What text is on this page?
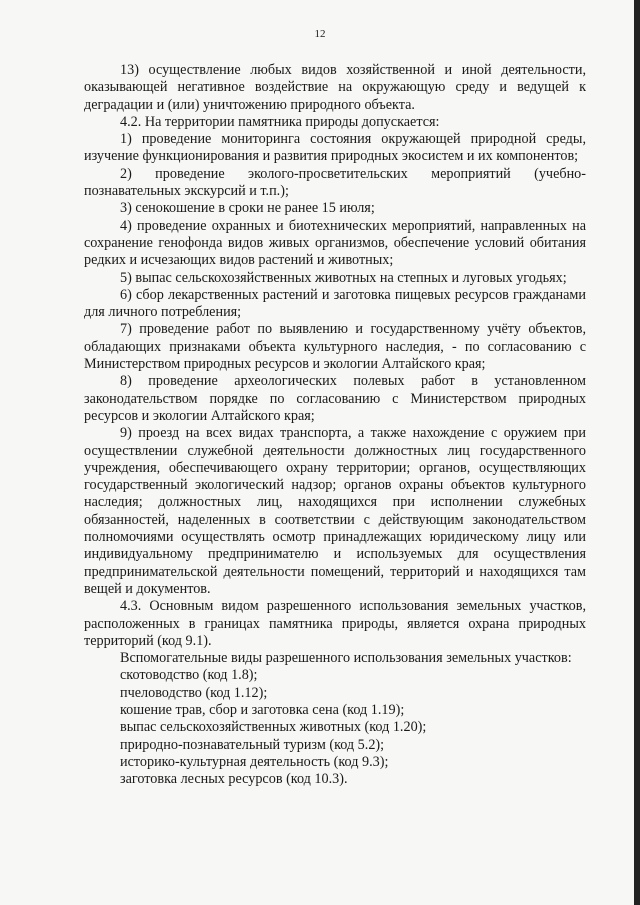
12

13) осуществление любых видов хозяйственной и иной деятельности, оказывающей негативное воздействие на окружающую среду и ведущей к деградации и (или) уничтожению природного объекта.

4.2. На территории памятника природы допускается:

1) проведение мониторинга состояния окружающей природной среды, изучение функционирования и развития природных экосистем и их компонентов;

2) проведение эколого-просветительских мероприятий (учебно-познавательных экскурсий и т.п.);

3) сенокошение в сроки не ранее 15 июля;

4) проведение охранных и биотехнических мероприятий, направленных на сохранение генофонда видов живых организмов, обеспечение условий обитания редких и исчезающих видов растений и животных;

5) выпас сельскохозяйственных животных на степных и луговых угодьях;

6) сбор лекарственных растений и заготовка пищевых ресурсов гражданами для личного потребления;

7) проведение работ по выявлению и государственному учёту объектов, обладающих признаками объекта культурного наследия, - по согласованию с Министерством природных ресурсов и экологии Алтайского края;

8) проведение археологических полевых работ в установленном законодательством порядке по согласованию с Министерством природных ресурсов и экологии Алтайского края;

9) проезд на всех видах транспорта, а также нахождение с оружием при осуществлении служебной деятельности должностных лиц государственного учреждения, обеспечивающего охрану территории; органов, осуществляющих государственный экологический надзор; органов охраны объектов культурного наследия; должностных лиц, находящихся при исполнении служебных обязанностей, наделенных в соответствии с действующим законодательством полномочиями осуществлять осмотр принадлежащих юридическому лицу или индивидуальному предпринимателю и используемых для осуществления предпринимательской деятельности помещений, территорий и находящихся там вещей и документов.

4.3. Основным видом разрешенного использования земельных участков, расположенных в границах памятника природы, является охрана природных территорий (код 9.1).

Вспомогательные виды разрешенного использования земельных участков:

скотоводство (код 1.8);

пчеловодство (код 1.12);

кошение трав, сбор и заготовка сена (код 1.19);

выпас сельскохозяйственных животных (код 1.20);

природно-познавательный туризм (код 5.2);

историко-культурная деятельность (код 9.3);

заготовка лесных ресурсов (код 10.3).
